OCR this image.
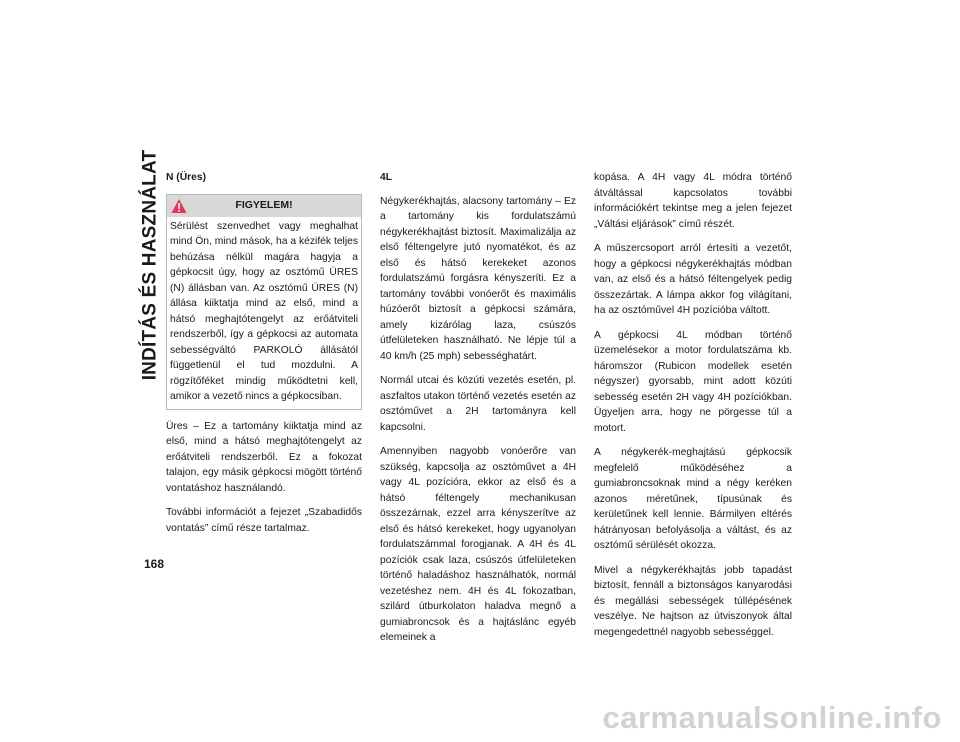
INDÍTÁS ÉS HASZNÁLAT N (Üres)

FIGYELEM!

Sérülést szenvedhet vagy meghalhat mind Ön, mind mások, ha a kézifék teljes behúzása nélkül magára hagyja a gépkocsit úgy, hogy az osztómű ÜRES (N) állásban van. Az osztómű ÜRES (N) állása kiiktatja mind az első, mind a hátsó meghajtótengelyt az erőátviteli rendszerből, így a gépkocsi az automata sebességváltó PARKOLÓ állásától függetlenül el tud mozdulni. A rögzítőféket mindig működtetni kell, amikor a vezető nincs a gépkocsiban.

Üres – Ez a tartomány kiiktatja mind az első, mind a hátsó meghajtótengelyt az erőátviteli rendszerből. Ez a fokozat talajon, egy másik gépkocsi mögött történő vontatáshoz használandó.

További információt a fejezet „Szabadidős vontatás” című része tartalmaz.

4L

Négykerékhajtás, alacsony tartomány – Ez a tartomány kis fordulatszámú négykerékhajtást biztosít. Maximalizálja az első féltengelyre jutó nyomatékot, és az első és hátsó kerekeket azonos fordulatszámú forgásra kényszeríti. Ez a tartomány további vonóerőt és maximális húzóerőt biztosít a gépkocsi számára, amely kizárólag laza, csúszós útfelületeken használható. Ne lépje túl a 40 km/h (25 mph) sebességhatárt.

Normál utcai és közúti vezetés esetén, pl. aszfaltos utakon történő vezetés esetén az osztóművet a 2H tartományra kell kapcsolni.

Amennyiben nagyobb vonóerőre van szükség, kapcsolja az osztóművet a 4H vagy 4L pozícióra, ekkor az első és a hátsó féltengely mechanikusan összezárnak, ezzel arra kényszerítve az első és hátsó kerekeket, hogy ugyanolyan fordulatszámmal forogjanak. A 4H és 4L pozíciók csak laza, csúszós útfelületeken történő haladáshoz használhatók, normál vezetéshez nem. 4H és 4L fokozatban, szilárd útburkolaton haladva megnő a gumiabroncsok és a hajtáslánc egyéb elemeinek a

kopása. A 4H vagy 4L módra történő átváltással kapcsolatos további információkért tekintse meg a jelen fejezet „Váltási eljárások” című részét.

A műszercsoport arról értesíti a vezetőt, hogy a gépkocsi négykerékhajtás módban van, az első és a hátsó féltengelyek pedig összezártak. A lámpa akkor fog világítani, ha az osztóművel 4H pozícióba váltott.

A gépkocsi 4L módban történő üzemelésekor a motor fordulatszáma kb. háromszor (Rubicon modellek esetén négyszer) gyorsabb, mint adott közúti sebesség esetén 2H vagy 4H pozíciókban. Ügyeljen arra, hogy ne pörgesse túl a motort.

A négykerék-meghajtású gépkocsik megfelelő működéséhez a gumiabroncsoknak mind a négy keréken azonos méretűnek, típusúnak és kerületűnek kell lennie. Bármilyen eltérés hátrányosan befolyásolja a váltást, és az osztómű sérülését okozza.

Mivel a négykerékhajtás jobb tapadást biztosít, fennáll a biztonságos kanyarodási és megállási sebességek túllépésének veszélye. Ne hajtson az útviszonyok által megengedettnél nagyobb sebességgel.

168
carmanualsonline.info
